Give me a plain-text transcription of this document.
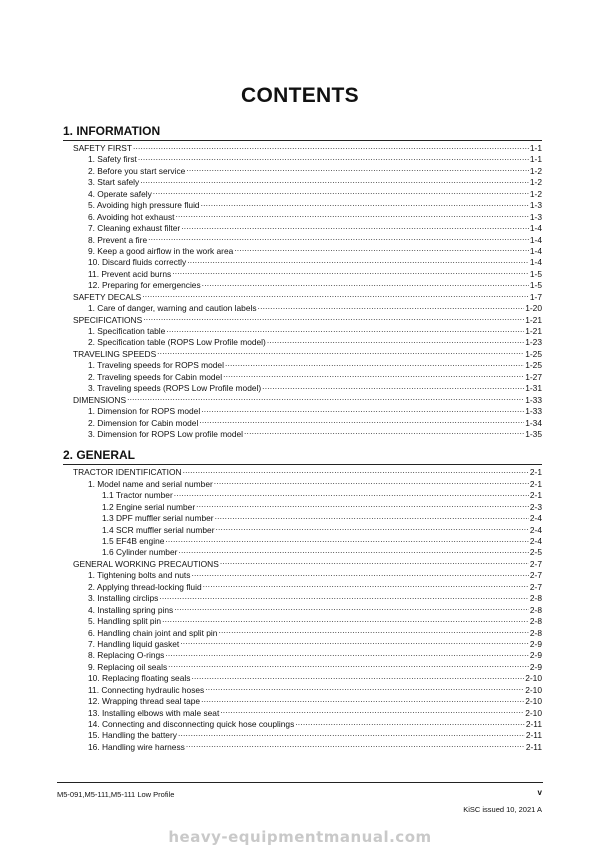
CONTENTS
1. INFORMATION
SAFETY FIRST .....	1-1
1. Safety first .....	1-1
2. Before you start service .....	1-2
3. Start safely .....	1-2
4. Operate safely .....	1-2
5. Avoiding high pressure fluid .....	1-3
6. Avoiding hot exhaust .....	1-3
7. Cleaning exhaust filter .....	1-4
8. Prevent a fire .....	1-4
9. Keep a good airflow in the work area .....	1-4
10. Discard fluids correctly .....	1-4
11. Prevent acid burns .....	1-5
12. Preparing for emergencies .....	1-5
SAFETY DECALS .....	1-7
1. Care of danger, warning and caution labels .....	1-20
SPECIFICATIONS .....	1-21
1. Specification table .....	1-21
2. Specification table (ROPS Low Profile model) .....	1-23
TRAVELING SPEEDS .....	1-25
1. Traveling speeds for ROPS model .....	1-25
2. Traveling speeds for Cabin model .....	1-27
3. Traveling speeds (ROPS Low Profile model) .....	1-31
DIMENSIONS .....	1-33
1. Dimension for ROPS model .....	1-33
2. Dimension for Cabin model .....	1-34
3. Dimension for ROPS Low profile model .....	1-35
2. GENERAL
TRACTOR IDENTIFICATION .....	2-1
1. Model name and serial number .....	2-1
1.1 Tractor number .....	2-1
1.2 Engine serial number .....	2-3
1.3 DPF muffler serial number .....	2-4
1.4 SCR muffler serial number .....	2-4
1.5 EF4B engine .....	2-4
1.6 Cylinder number .....	2-5
GENERAL WORKING PRECAUTIONS .....	2-7
1. Tightening bolts and nuts .....	2-7
2. Applying thread-locking fluid .....	2-7
3. Installing circlips .....	2-8
4. Installing spring pins .....	2-8
5. Handling split pin .....	2-8
6. Handling chain joint and split pin .....	2-8
7. Handling liquid gasket .....	2-9
8. Replacing O-rings .....	2-9
9. Replacing oil seals .....	2-9
10. Replacing floating seals .....	2-10
11. Connecting hydraulic hoses .....	2-10
12. Wrapping thread seal tape .....	2-10
13. Installing elbows with male seat .....	2-10
14. Connecting and disconnecting quick hose couplings .....	2-11
15. Handling the battery .....	2-11
16. Handling wire harness .....	2-11
M5-091,M5-111,M5-111 Low Profile	v
KiSC issued 10, 2021 A
heavy-equipmentmanual.com
